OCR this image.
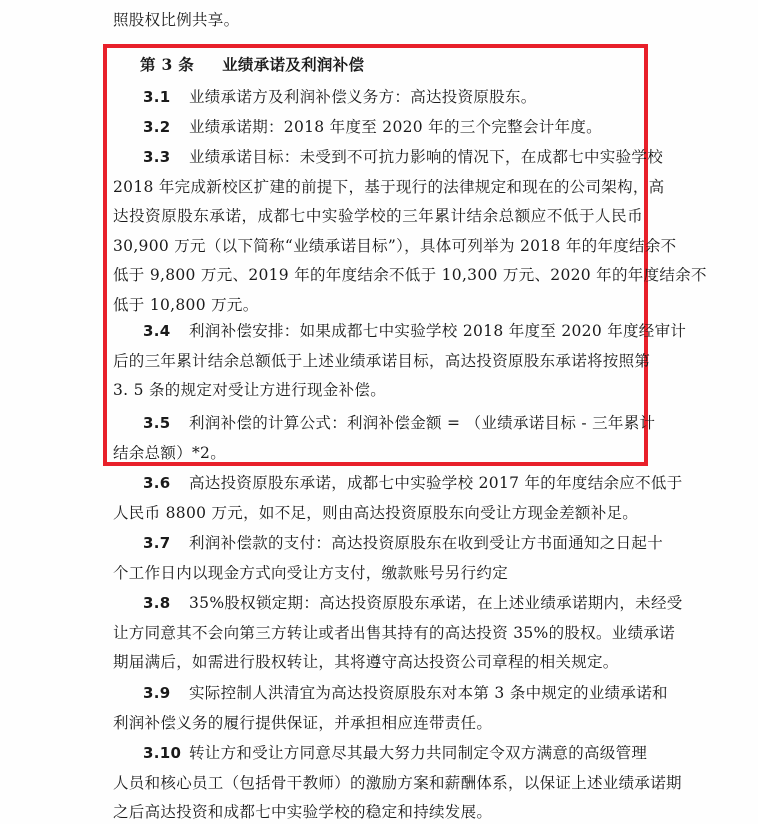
照股权比例共享。
第 3 条 业绩承诺及利润补偿
3.1 业绩承诺方及利润补偿义务方：高达投资原股东。
3.2 业绩承诺期：2018 年度至 2020 年的三个完整会计年度。
3.3 业绩承诺目标：未受到不可抗力影响的情况下，在成都七中实验学校
2018 年完成新校区扩建的前提下，基于现行的法律规定和现在的公司架构，高
达投资原股东承诺，成都七中实验学校的三年累计结余总额应不低于人民币
30,900 万元（以下简称“业绩承诺目标”），具体可列举为 2018 年的年度结余不
低于 9,800 万元、2019 年的年度结余不低于 10,300 万元、2020 年的年度结余不
低于 10,800 万元。
3.4 利润补偿安排：如果成都七中实验学校 2018 年度至 2020 年度经审计
后的三年累计结余总额低于上述业绩承诺目标，高达投资原股东承诺将按照第
3. 5 条的规定对受让方进行现金补偿。
3.5 利润补偿的计算公式：利润补偿金额 = （业绩承诺目标 - 三年累计
结余总额）*2。
3.6 高达投资原股东承诺，成都七中实验学校 2017 年的年度结余应不低于
人民币 8800 万元，如不足，则由高达投资原股东向受让方现金差额补足。
3.7 利润补偿款的支付：高达投资原股东在收到受让方书面通知之日起十
个工作日内以现金方式向受让方支付，缴款账号另行约定
3.8 35%股权锁定期：高达投资原股东承诺，在上述业绩承诺期内，未经受
让方同意其不会向第三方转让或者出售其持有的高达投资 35%的股权。业绩承诺
期届满后，如需进行股权转让，其将遵守高达投资公司章程的相关规定。
3.9 实际控制人洪清宜为高达投资原股东对本第 3 条中规定的业绩承诺和
利润补偿义务的履行提供保证，并承担相应连带责任。
3.10 转让方和受让方同意尽其最大努力共同制定令双方满意的高级管理
人员和核心员工（包括骨干教师）的激励方案和薪酬体系，以保证上述业绩承诺期
之后高达投资和成都七中实验学校的稳定和持续发展。
